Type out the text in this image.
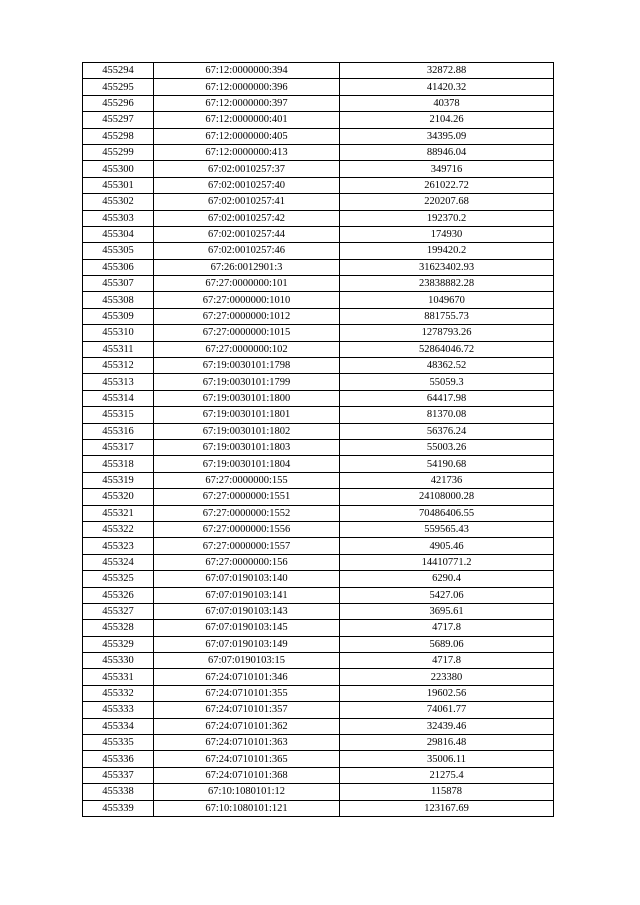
455294	67:12:0000000:394	32872.88
455295	67:12:0000000:396	41420.32
455296	67:12:0000000:397	40378
455297	67:12:0000000:401	2104.26
455298	67:12:0000000:405	34395.09
455299	67:12:0000000:413	88946.04
455300	67:02:0010257:37	349716
455301	67:02:0010257:40	261022.72
455302	67:02:0010257:41	220207.68
455303	67:02:0010257:42	192370.2
455304	67:02:0010257:44	174930
455305	67:02:0010257:46	199420.2
455306	67:26:0012901:3	31623402.93
455307	67:27:0000000:101	23838882.28
455308	67:27:0000000:1010	1049670
455309	67:27:0000000:1012	881755.73
455310	67:27:0000000:1015	1278793.26
455311	67:27:0000000:102	52864046.72
455312	67:19:0030101:1798	48362.52
455313	67:19:0030101:1799	55059.3
455314	67:19:0030101:1800	64417.98
455315	67:19:0030101:1801	81370.08
455316	67:19:0030101:1802	56376.24
455317	67:19:0030101:1803	55003.26
455318	67:19:0030101:1804	54190.68
455319	67:27:0000000:155	421736
455320	67:27:0000000:1551	24108000.28
455321	67:27:0000000:1552	70486406.55
455322	67:27:0000000:1556	559565.43
455323	67:27:0000000:1557	4905.46
455324	67:27:0000000:156	14410771.2
455325	67:07:0190103:140	6290.4
455326	67:07:0190103:141	5427.06
455327	67:07:0190103:143	3695.61
455328	67:07:0190103:145	4717.8
455329	67:07:0190103:149	5689.06
455330	67:07:0190103:15	4717.8
455331	67:24:0710101:346	223380
455332	67:24:0710101:355	19602.56
455333	67:24:0710101:357	74061.77
455334	67:24:0710101:362	32439.46
455335	67:24:0710101:363	29816.48
455336	67:24:0710101:365	35006.11
455337	67:24:0710101:368	21275.4
455338	67:10:1080101:12	115878
455339	67:10:1080101:121	123167.69
